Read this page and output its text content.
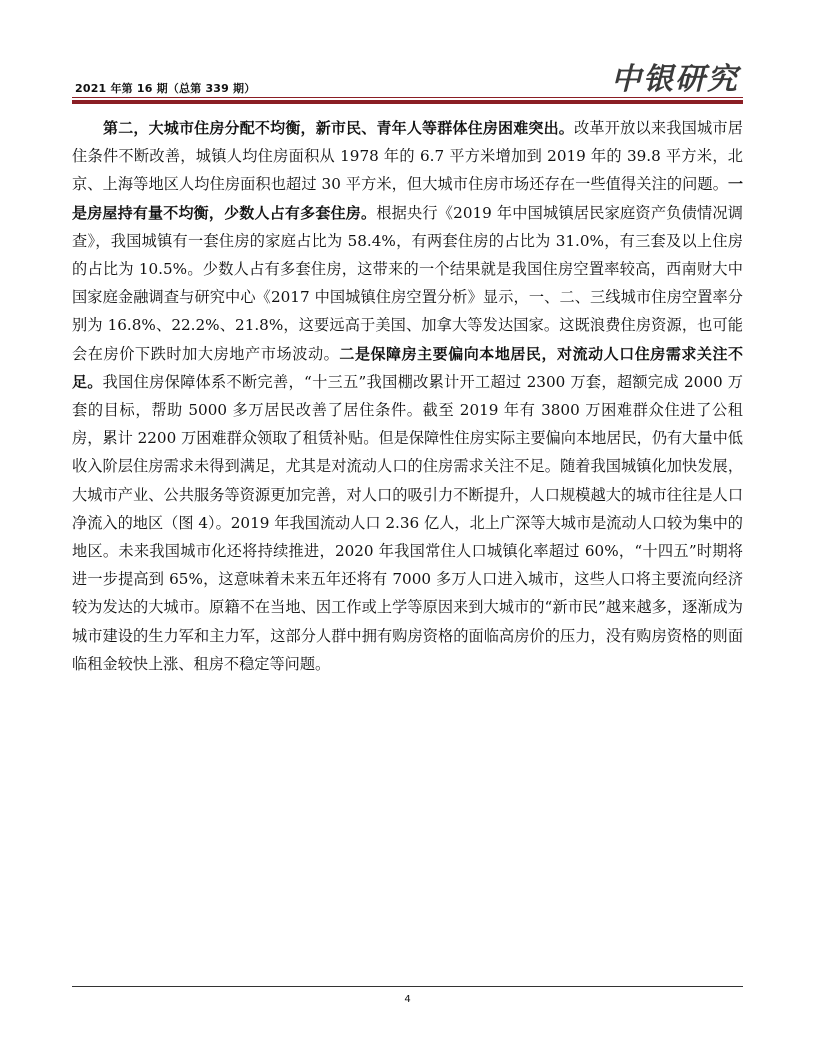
2021 年第 16 期（总第 339 期）	中银研究

第二，大城市住房分配不均衡，新市民、青年人等群体住房困难突出。改革开放以来我国城市居住条件不断改善，城镇人均住房面积从 1978 年的 6.7 平方米增加到 2019 年的 39.8 平方米，北京、上海等地区人均住房面积也超过 30 平方米，但大城市住房市场还存在一些值得关注的问题。一是房屋持有量不均衡，少数人占有多套住房。根据央行《2019 年中国城镇居民家庭资产负债情况调查》，我国城镇有一套住房的家庭占比为 58.4%，有两套住房的占比为 31.0%，有三套及以上住房的占比为 10.5%。少数人占有多套住房，这带来的一个结果就是我国住房空置率较高，西南财大中国家庭金融调查与研究中心《2017 中国城镇住房空置分析》显示，一、二、三线城市住房空置率分别为 16.8%、22.2%、21.8%，这要远高于美国、加拿大等发达国家。这既浪费住房资源，也可能会在房价下跌时加大房地产市场波动。二是保障房主要偏向本地居民，对流动人口住房需求关注不足。我国住房保障体系不断完善，“十三五”我国棚改累计开工超过 2300 万套，超额完成 2000 万套的目标，帮助 5000 多万居民改善了居住条件。截至 2019 年有 3800 万困难群众住进了公租房，累计 2200 万困难群众领取了租赁补贴。但是保障性住房实际主要偏向本地居民，仍有大量中低收入阶层住房需求未得到满足，尤其是对流动人口的住房需求关注不足。随着我国城镇化加快发展，大城市产业、公共服务等资源更加完善，对人口的吸引力不断提升，人口规模越大的城市往往是人口净流入的地区（图 4）。2019 年我国流动人口 2.36 亿人，北上广深等大城市是流动人口较为集中的地区。未来我国城市化还将持续推进，2020 年我国常住人口城镇化率超过 60%，“十四五”时期将进一步提高到 65%，这意味着未来五年还将有 7000 多万人口进入城市，这些人口将主要流向经济较为发达的大城市。原籍不在当地、因工作或上学等原因来到大城市的“新市民”越来越多，逐渐成为城市建设的生力军和主力军，这部分人群中拥有购房资格的面临高房价的压力，没有购房资格的则面临租金较快上涨、租房不稳定等问题。

4
